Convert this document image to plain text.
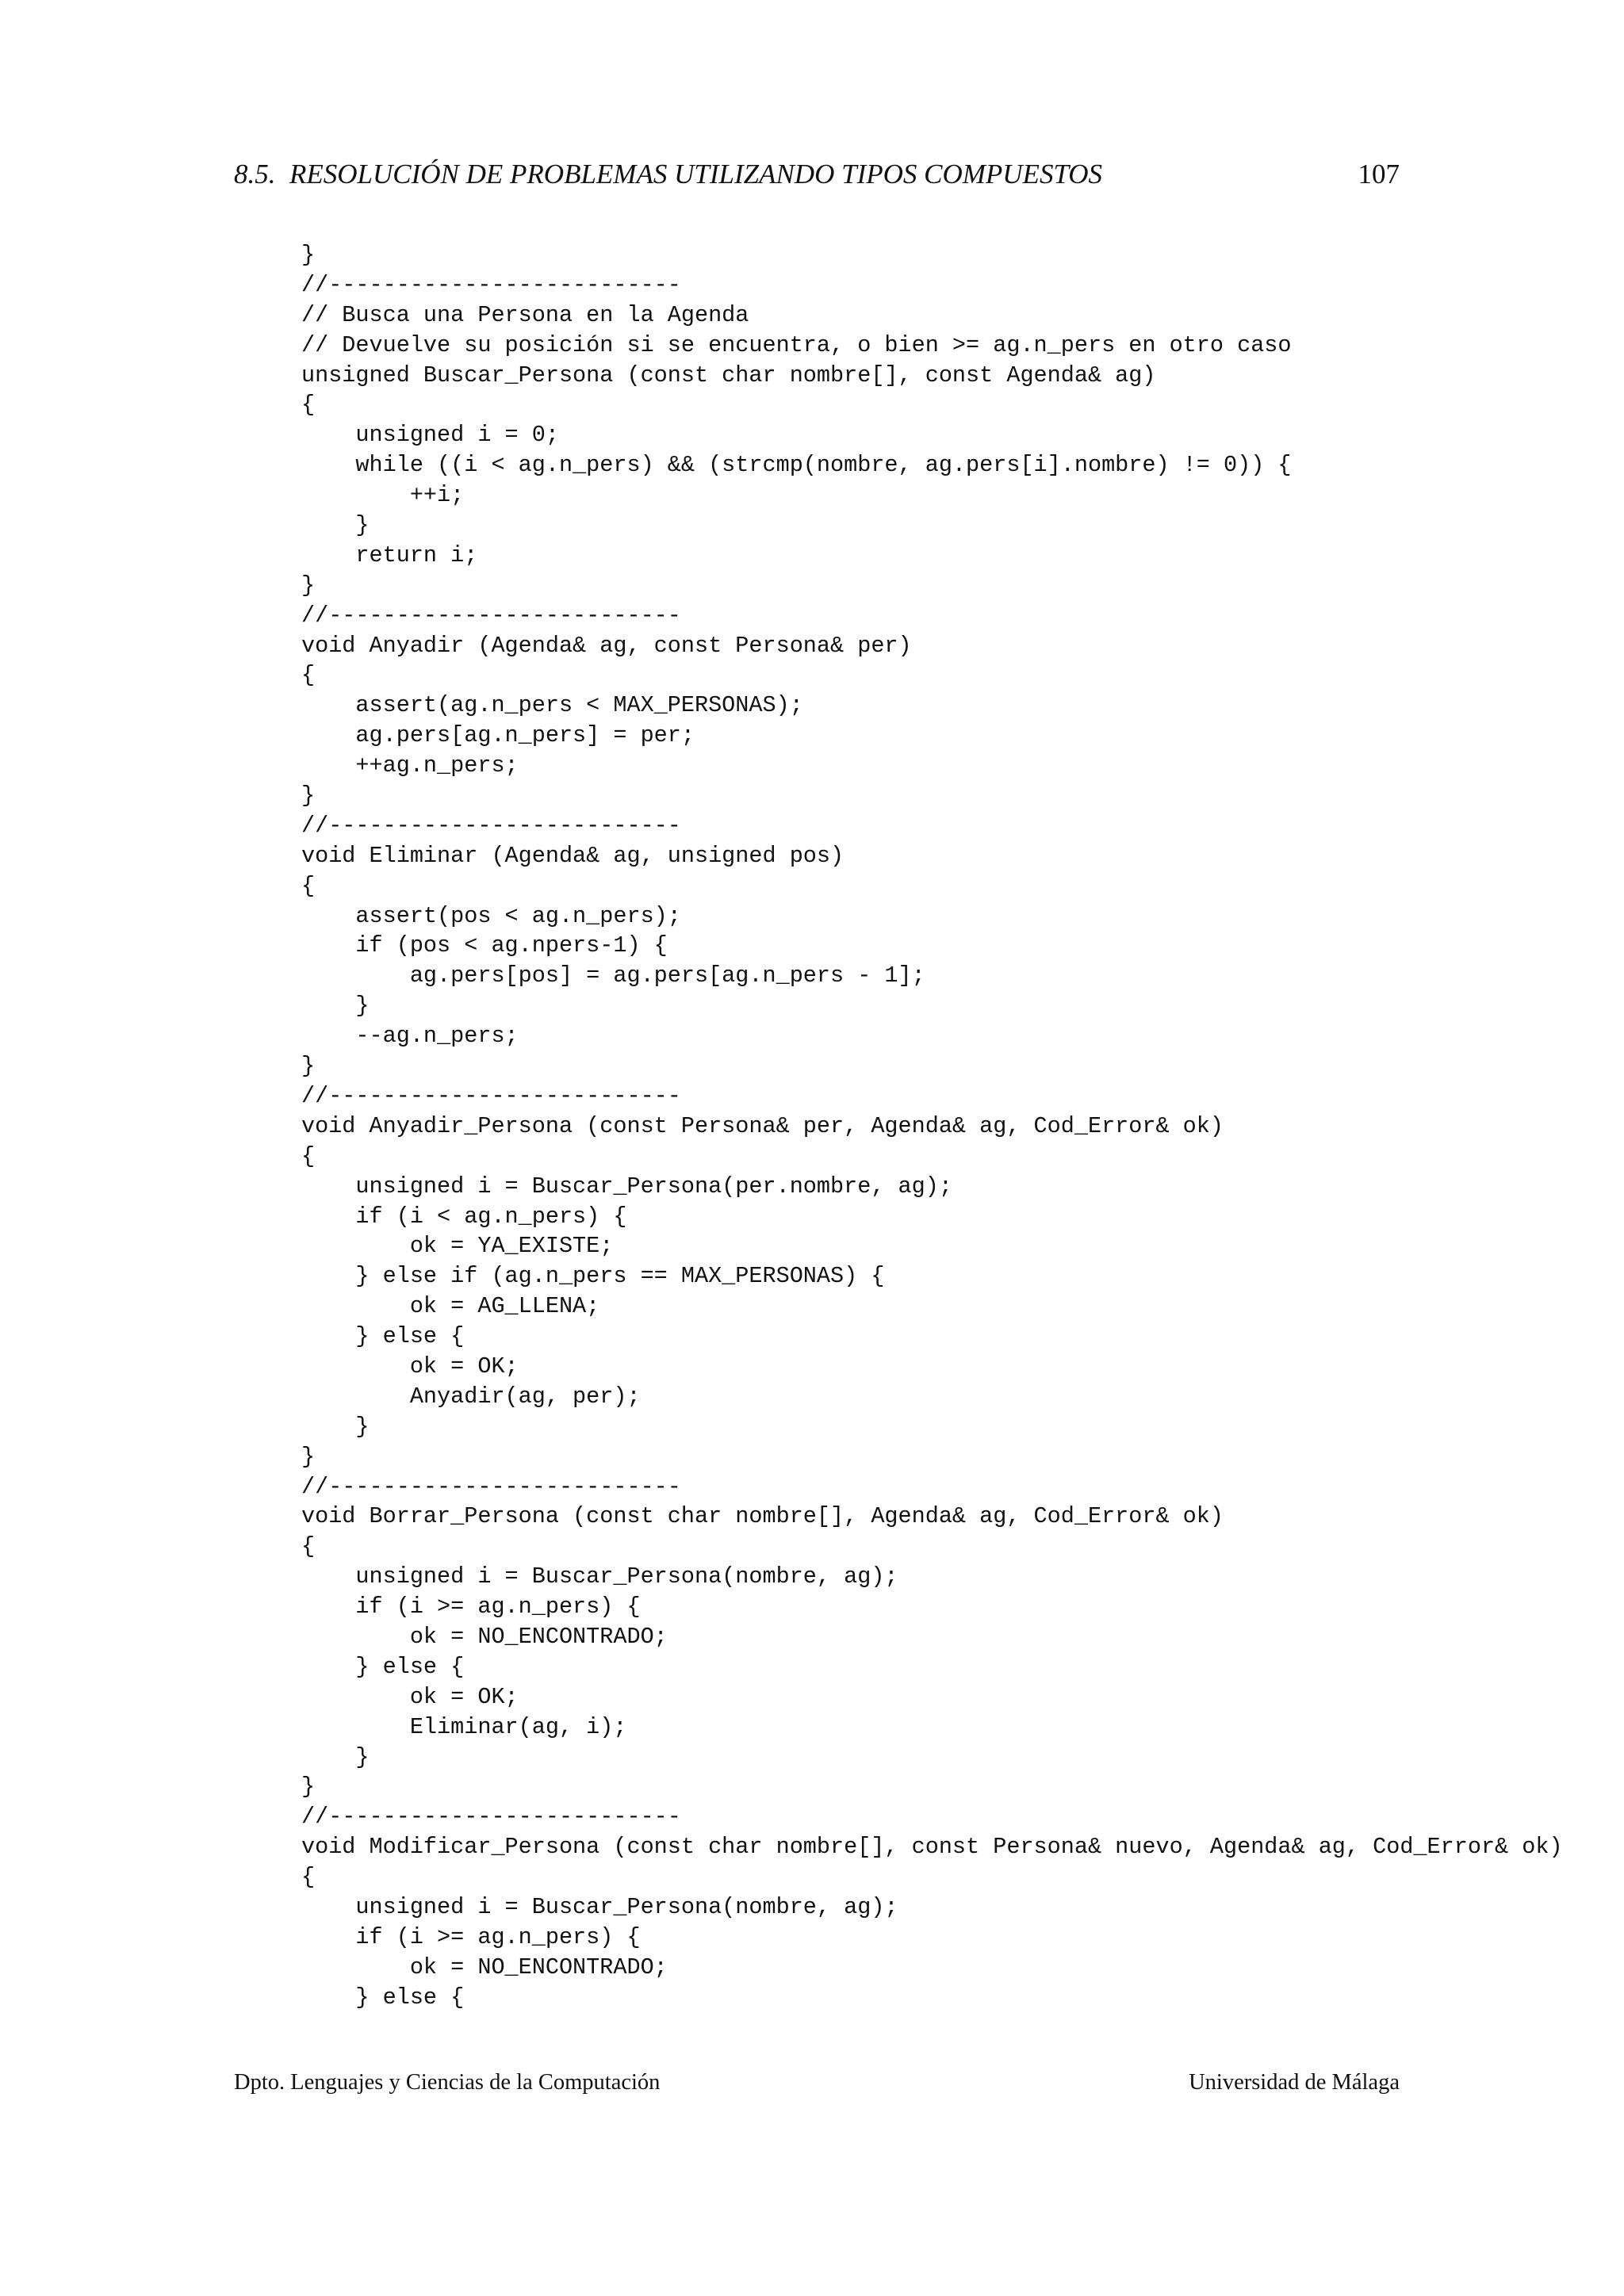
8.5.  RESOLUCIÓN DE PROBLEMAS UTILIZANDO TIPOS COMPUESTOS	107
}
//--------------------------
// Busca una Persona en la Agenda
// Devuelve su posición si se encuentra, o bien >= ag.n_pers en otro caso
unsigned Buscar_Persona (const char nombre[], const Agenda& ag)
{
unsigned i = 0;
while ((i < ag.n_pers) && (strcmp(nombre, ag.pers[i].nombre) != 0)) {
++i;
}
return i;
}
//--------------------------
void Anyadir (Agenda& ag, const Persona& per)
{
assert(ag.n_pers < MAX_PERSONAS);
ag.pers[ag.n_pers] = per;
++ag.n_pers;
}
//--------------------------
void Eliminar (Agenda& ag, unsigned pos)
{
assert(pos < ag.n_pers);
if (pos < ag.npers-1) {
ag.pers[pos] = ag.pers[ag.n_pers - 1];
}
--ag.n_pers;
}
//--------------------------
void Anyadir_Persona (const Persona& per, Agenda& ag, Cod_Error& ok)
{
unsigned i = Buscar_Persona(per.nombre, ag);
if (i < ag.n_pers) {
ok = YA_EXISTE;
} else if (ag.n_pers == MAX_PERSONAS) {
ok = AG_LLENA;
} else {
ok = OK;
Anyadir(ag, per);
}
}
//--------------------------
void Borrar_Persona (const char nombre[], Agenda& ag, Cod_Error& ok)
{
unsigned i = Buscar_Persona(nombre, ag);
if (i >= ag.n_pers) {
ok = NO_ENCONTRADO;
} else {
ok = OK;
Eliminar(ag, i);
}
}
//--------------------------
void Modificar_Persona (const char nombre[], const Persona& nuevo, Agenda& ag, Cod_Error& ok)
{
unsigned i = Buscar_Persona(nombre, ag);
if (i >= ag.n_pers) {
ok = NO_ENCONTRADO;
} else {
Dpto. Lenguajes y Ciencias de la Computación	Universidad de Málaga
